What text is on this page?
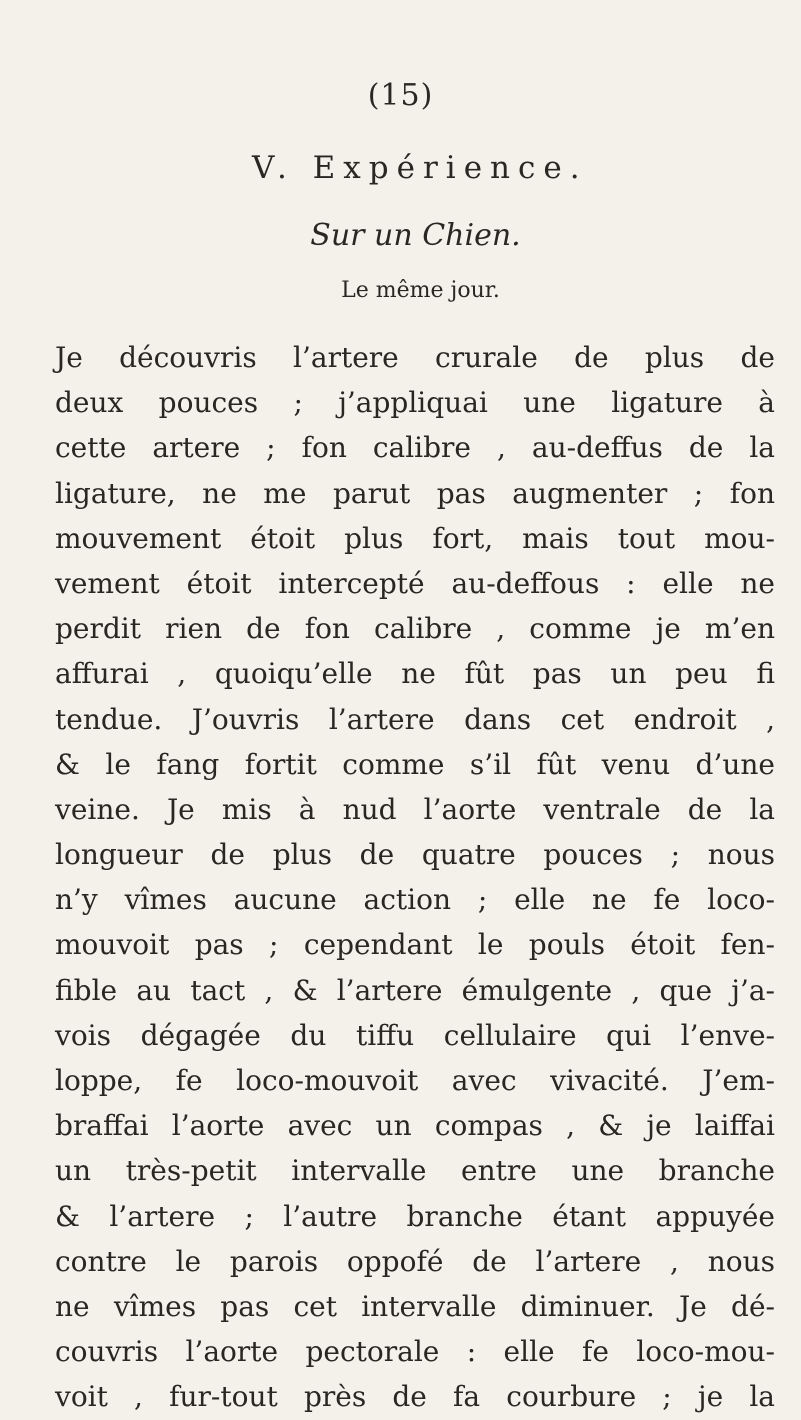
(15)
V. Expérience.
Sur un Chien.
Le même jour.
Je découvris l’artere crurale de plus de
deux pouces ; j’appliquai une ligature à
cette artere ; fon calibre , au-deffus de la
ligature, ne me parut pas augmenter ; fon
mouvement étoit plus fort, mais tout mou-
vement étoit intercepté au-deffous : elle ne
perdit rien de fon calibre , comme je m’en
affurai , quoiqu’elle ne fût pas un peu fi
tendue. J’ouvris l’artere dans cet endroit ,
& le fang fortit comme s’il fût venu d’une
veine. Je mis à nud l’aorte ventrale de la
longueur de plus de quatre pouces ; nous
n’y vîmes aucune action ; elle ne fe loco-
mouvoit pas ; cependant le pouls étoit fen-
fible au tact , & l’artere émulgente , que j’a-
vois dégagée du tiffu cellulaire qui l’enve-
loppe, fe loco-mouvoit avec vivacité. J’em-
braffai l’aorte avec un compas , & je laiffai
un très-petit intervalle entre une branche
& l’artere ; l’autre branche étant appuyée
contre le parois oppofé de l’artere , nous
ne vîmes pas cet intervalle diminuer. Je dé-
couvris l’aorte pectorale : elle fe loco-mou-
voit , fur-tout près de fa courbure ; je la
